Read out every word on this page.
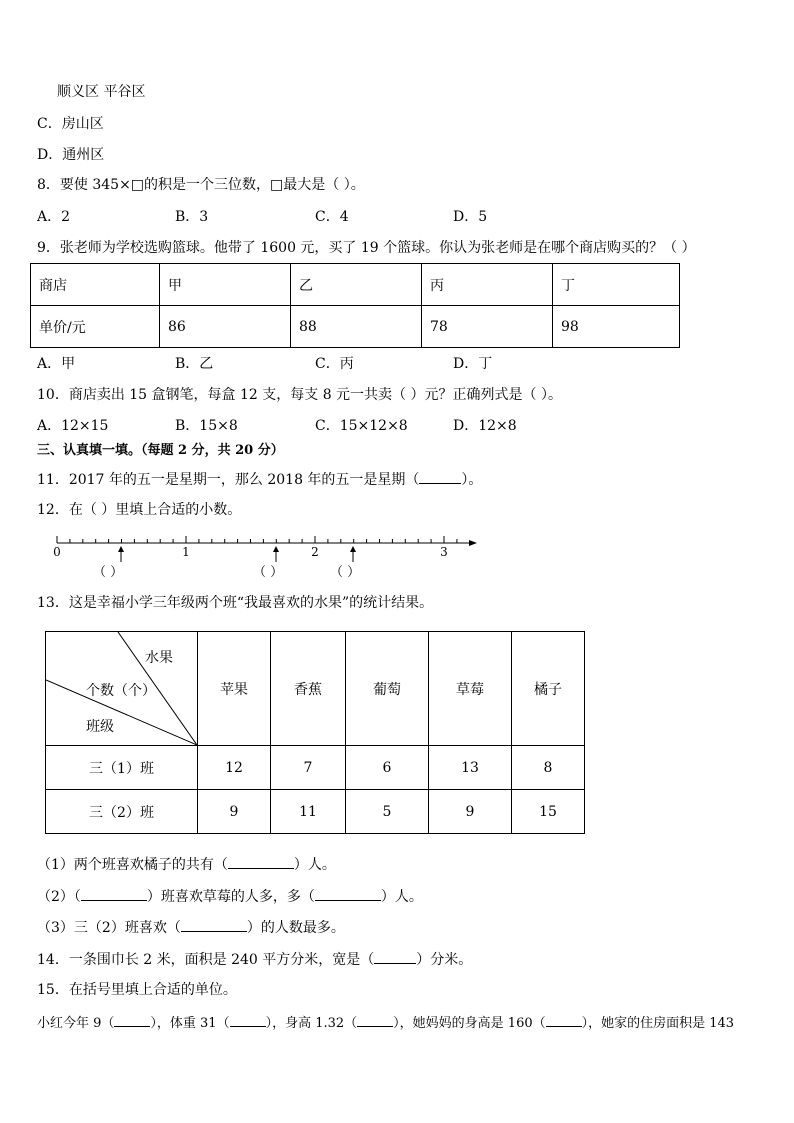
顺义区 平谷区
C．房山区
D．通州区
8．要使 345×□的积是一个三位数，□最大是（ ）。
A．2	B．3	C．4	D．5
9．张老师为学校选购篮球。他带了 1600 元，买了 19 个篮球。你认为张老师是在哪个商店购买的？（ ）
商店	甲	乙	丙	丁
单价/元	86	88	78	98
A．甲	B．乙	C．丙	D．丁
10．商店卖出 15 盒钢笔，每盒 12 支，每支 8 元一共卖（ ）元？正确列式是（ ）。
A．12×15	B．15×8	C．15×12×8	D．12×8
三、认真填一填。（每题 2 分，共 20 分）
11．2017 年的五一是星期一，那么 2018 年的五一是星期（	）。
12．在（ ）里填上合适的小数。
0	1	2	3
（ ）	（ ）	（ ）
13．这是幸福小学三年级两个班“我最喜欢的水果”的统计结果。
水果
个数（个）
班级	苹果	香蕉	葡萄	草莓	橘子
三（1）班	12	7	6	13	8
三（2）班	9	11	5	9	15
（1）两个班喜欢橘子的共有（	）人。
（2）（	）班喜欢草莓的人多，多（	）人。
（3）三（2）班喜欢（	）的人数最多。
14．一条围巾长 2 米，面积是 240 平方分米，宽是（	）分米。
15．在括号里填上合适的单位。
小红今年 9（	），体重 31（	），身高 1.32（	），她妈妈的身高是 160（	），她家的住房面积是 143
